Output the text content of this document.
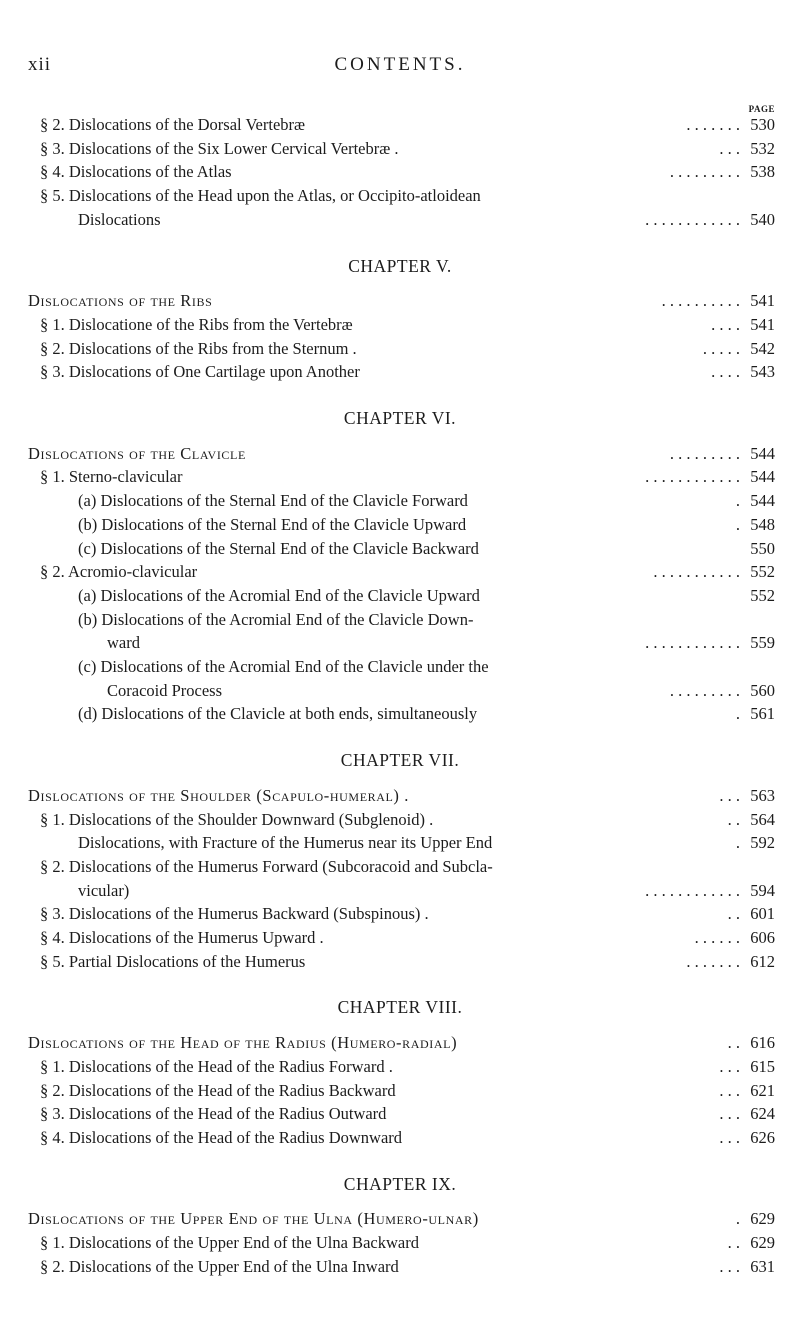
xii	CONTENTS.
PAGE
§ 2. Dislocations of the Dorsal Vertebræ	. . . . . . . 530
§ 3. Dislocations of the Six Lower Cervical Vertebræ .	. . . 532
§ 4. Dislocations of the Atlas	. . . . . . . . . 538
§ 5. Dislocations of the Head upon the Atlas, or Occipito-atloidean
Dislocations	. . . . . . . . . . . . 540
CHAPTER V.
Dislocations of the Ribs	. . . . . . . . . . 541
§ 1. Dislocatione of the Ribs from the Vertebræ	. . . . 541
§ 2. Dislocations of the Ribs from the Sternum .	. . . . . 542
§ 3. Dislocations of One Cartilage upon Another	. . . . 543
CHAPTER VI.
Dislocations of the Clavicle	. . . . . . . . . 544
§ 1. Sterno-clavicular	. . . . . . . . . . . . 544
(a) Dislocations of the Sternal End of the Clavicle Forward	. 544
(b) Dislocations of the Sternal End of the Clavicle Upward	. 548
(c) Dislocations of the Sternal End of the Clavicle Backward	550
§ 2. Acromio-clavicular	. . . . . . . . . . . 552
(a) Dislocations of the Acromial End of the Clavicle Upward	552
(b) Dislocations of the Acromial End of the Clavicle Down-
ward	. . . . . . . . . . . . 559
(c) Dislocations of the Acromial End of the Clavicle under the
Coracoid Process	. . . . . . . . . 560
(d) Dislocations of the Clavicle at both ends, simultaneously	. 561
CHAPTER VII.
Dislocations of the Shoulder (Scapulo-humeral) .	. . . 563
§ 1. Dislocations of the Shoulder Downward (Subglenoid) .	. . 564
Dislocations, with Fracture of the Humerus near its Upper End	. 592
§ 2. Dislocations of the Humerus Forward (Subcoracoid and Subcla-
vicular)	. . . . . . . . . . . . 594
§ 3. Dislocations of the Humerus Backward (Subspinous) .	. . 601
§ 4. Dislocations of the Humerus Upward .	. . . . . . 606
§ 5. Partial Dislocations of the Humerus	. . . . . . . 612
CHAPTER VIII.
Dislocations of the Head of the Radius (Humero-radial)	. . 616
§ 1. Dislocations of the Head of the Radius Forward .	. . . 615
§ 2. Dislocations of the Head of the Radius Backward	. . . 621
§ 3. Dislocations of the Head of the Radius Outward	. . . 624
§ 4. Dislocations of the Head of the Radius Downward	. . . 626
CHAPTER IX.
Dislocations of the Upper End of the Ulna (Humero-ulnar)	. 629
§ 1. Dislocations of the Upper End of the Ulna Backward	. . 629
§ 2. Dislocations of the Upper End of the Ulna Inward	. . . 631
